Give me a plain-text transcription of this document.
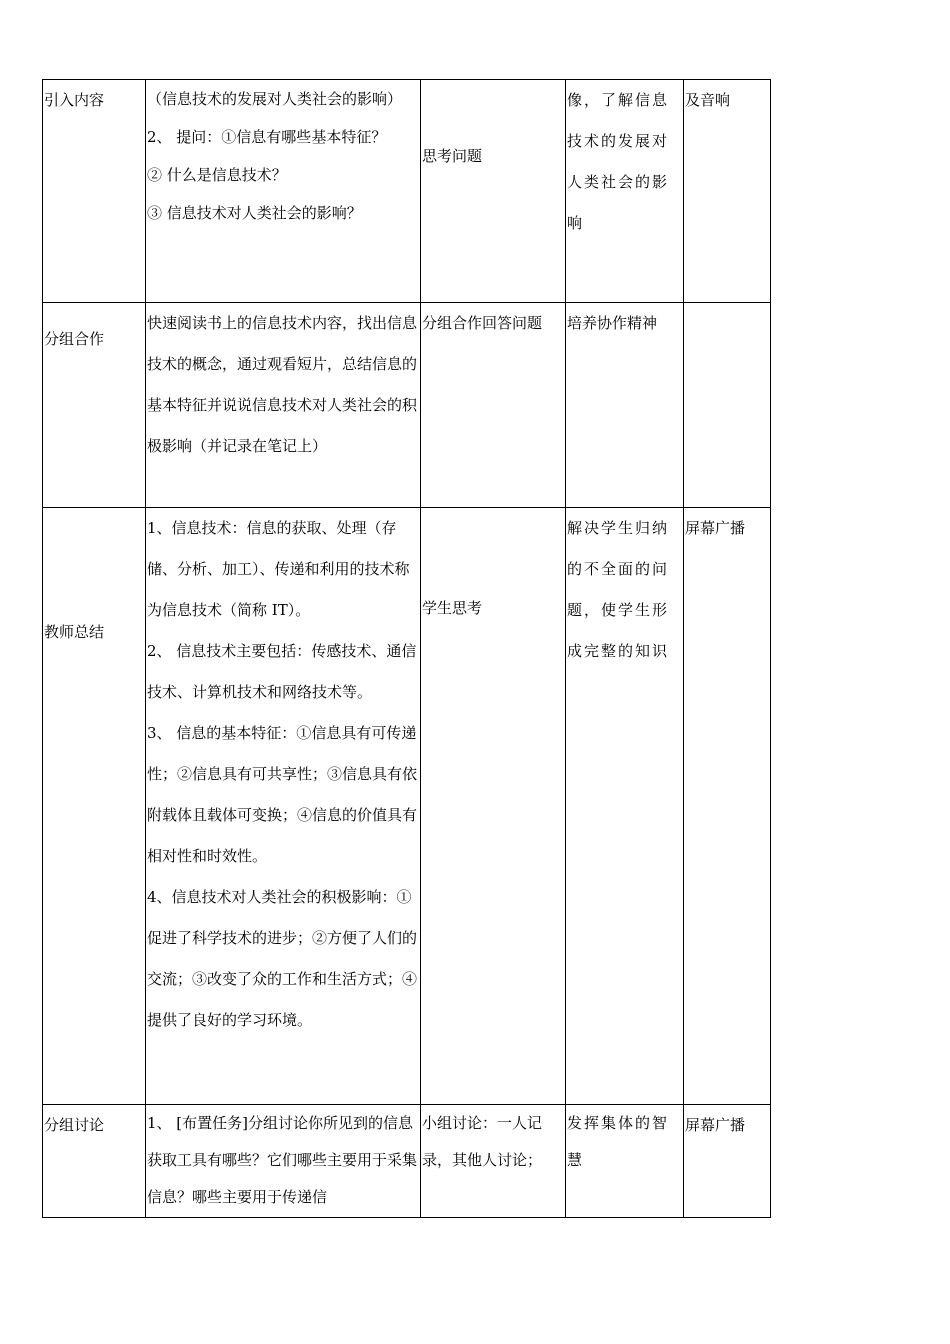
引入内容	（信息技术的发展对人类社会的影响）
2、 提问：①信息有哪些基本特征？
② 什么是信息技术？
③ 信息技术对人类社会的影响？	思考问题	像，了解信息技术的发展对人类社会的影响	及音响
分组合作	快速阅读书上的信息技术内容，找出信息技术的概念，通过观看短片，总结信息的基本特征并说说信息技术对人类社会的积极影响（并记录在笔记上）	分组合作回答问题	培养协作精神	
教师总结	1、信息技术：信息的获取、处理（存储、分析、加工）、传递和利用的技术称为信息技术（简称 IT）。
2、 信息技术主要包括：传感技术、通信技术、计算机技术和网络技术等。
3、 信息的基本特征：①信息具有可传递性；②信息具有可共享性；③信息具有依附载体且载体可变换；④信息的价值具有相对性和时效性。
4、信息技术对人类社会的积极影响：①促进了科学技术的进步；②方便了人们的交流；③改变了众的工作和生活方式；④提供了良好的学习环境。	学生思考	解决学生归纳的不全面的问题，使学生形成完整的知识	屏幕广播
分组讨论	1、 [布置任务]分组讨论你所见到的信息获取工具有哪些？它们哪些主要用于采集信息？哪些主要用于传递信	小组讨论：一人记录，其他人讨论；	发挥集体的智慧	屏幕广播
